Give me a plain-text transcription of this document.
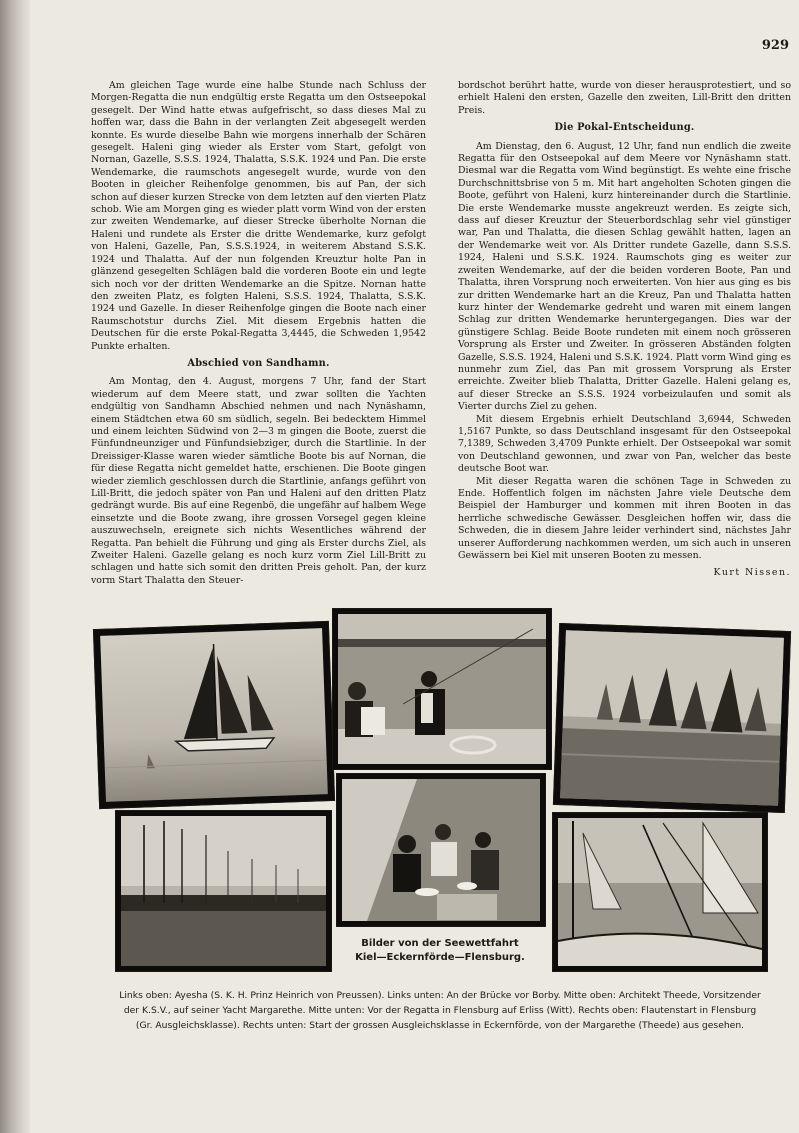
929

Am gleichen Tage wurde eine halbe Stunde nach Schluss der Morgen-Regatta die nun endgültig erste Regatta um den Ostseepokal gesegelt. Der Wind hatte etwas aufgefrischt, so dass dieses Mal zu hoffen war, dass die Bahn in der verlangten Zeit abgesegelt werden konnte. Es wurde dieselbe Bahn wie morgens innerhalb der Schären gesegelt. Haleni ging wieder als Erster vom Start, gefolgt von Nornan, Gazelle, S.S.S. 1924, Thalatta, S.S.K. 1924 und Pan. Die erste Wendemarke, die raumschots angesegelt wurde, wurde von den Booten in gleicher Reihenfolge genommen, bis auf Pan, der sich schon auf dieser kurzen Strecke von dem letzten auf den vierten Platz schob. Wie am Morgen ging es wieder platt vorm Wind von der ersten zur zweiten Wendemarke, auf dieser Strecke überholte Nornan die Haleni und rundete als Erster die dritte Wendemarke, kurz gefolgt von Haleni, Gazelle, Pan, S.S.S.1924, in weiterem Abstand S.S.K. 1924 und Thalatta. Auf der nun folgenden Kreuztur holte Pan in glänzend gesegelten Schlägen bald die vorderen Boote ein und legte sich noch vor der dritten Wendemarke an die Spitze. Nornan hatte den zweiten Platz, es folgten Haleni, S.S.S. 1924, Thalatta, S.S.K. 1924 und Gazelle. In dieser Reihenfolge gingen die Boote nach einer Raumschotstur durchs Ziel. Mit diesem Ergebnis hatten die Deutschen für die erste Pokal-Regatta 3,4445, die Schweden 1,9542 Punkte erhalten.

Abschied von Sandhamn.

Am Montag, den 4. August, morgens 7 Uhr, fand der Start wiederum auf dem Meere statt, und zwar sollten die Yachten endgültig von Sandhamn Abschied nehmen und nach Nynäshamn, einem Städtchen etwa 60 sm südlich, segeln. Bei bedecktem Himmel und einem leichten Südwind von 2—3 m gingen die Boote, zuerst die Fünfundneunziger und Fünfundsiebziger, durch die Startlinie. In der Dreissiger-Klasse waren wieder sämtliche Boote bis auf Nornan, die für diese Regatta nicht gemeldet hatte, erschienen. Die Boote gingen wieder ziemlich geschlossen durch die Startlinie, anfangs geführt von Lill-Britt, die jedoch später von Pan und Haleni auf den dritten Platz gedrängt wurde. Bis auf eine Regenbö, die ungefähr auf halbem Wege einsetzte und die Boote zwang, ihre grossen Vorsegel gegen kleine auszuwechseln, ereignete sich nichts Wesentliches während der Regatta. Pan behielt die Führung und ging als Erster durchs Ziel, als Zweiter Haleni. Gazelle gelang es noch kurz vorm Ziel Lill-Britt zu schlagen und hatte sich somit den dritten Preis geholt. Pan, der kurz vorm Start Thalatta den Steuer-

bordschot berührt hatte, wurde von dieser herausprotestiert, und so erhielt Haleni den ersten, Gazelle den zweiten, Lill-Britt den dritten Preis.

Die Pokal-Entscheidung.

Am Dienstag, den 6. August, 12 Uhr, fand nun endlich die zweite Regatta für den Ostseepokal auf dem Meere vor Nynäshamn statt. Diesmal war die Regatta vom Wind begünstigt. Es wehte eine frische Durchschnittsbrise von 5 m. Mit hart angeholten Schoten gingen die Boote, geführt von Haleni, kurz hintereinander durch die Startlinie. Die erste Wendemarke musste angekreuzt werden. Es zeigte sich, dass auf dieser Kreuztur der Steuerbordschlag sehr viel günstiger war, Pan und Thalatta, die diesen Schlag gewählt hatten, lagen an der Wendemarke weit vor. Als Dritter rundete Gazelle, dann S.S.S. 1924, Haleni und S.S.K. 1924. Raumschots ging es weiter zur zweiten Wendemarke, auf der die beiden vorderen Boote, Pan und Thalatta, ihren Vorsprung noch erweiterten. Von hier aus ging es bis zur dritten Wendemarke hart an die Kreuz, Pan und Thalatta hatten kurz hinter der Wendemarke gedreht und waren mit einem langen Schlag zur dritten Wendemarke heruntergegangen. Dies war der günstigere Schlag. Beide Boote rundeten mit einem noch grösseren Vorsprung als Erster und Zweiter. In grösseren Abständen folgten Gazelle, S.S.S. 1924, Haleni und S.S.K. 1924. Platt vorm Wind ging es nunmehr zum Ziel, das Pan mit grossem Vorsprung als Erster erreichte. Zweiter blieb Thalatta, Dritter Gazelle. Haleni gelang es, auf dieser Strecke an S.S.S. 1924 vorbeizulaufen und somit als Vierter durchs Ziel zu gehen.

Mit diesem Ergebnis erhielt Deutschland 3,6944, Schweden 1,5167 Punkte, so dass Deutschland insgesamt für den Ostseepokal 7,1389, Schweden 3,4709 Punkte erhielt. Der Ostseepokal war somit von Deutschland gewonnen, und zwar von Pan, welcher das beste deutsche Boot war.

Mit dieser Regatta waren die schönen Tage in Schweden zu Ende. Hoffentlich folgen im nächsten Jahre viele Deutsche dem Beispiel der Hamburger und kommen mit ihren Booten in das herrliche schwedische Gewässer. Desgleichen hoffen wir, dass die Schweden, die in diesem Jahre leider verhindert sind, nächstes Jahr unserer Aufforderung nachkommen werden, um sich auch in unseren Gewässern bei Kiel mit unseren Booten zu messen.

Kurt Nissen.

Bilder von der Seewettfahrt
Kiel—Eckernförde—Flensburg.
Links oben: Ayesha (S. K. H. Prinz Heinrich von Preussen). Links unten: An der Brücke vor Borby. Mitte oben: Architekt Theede, Vorsitzender der K.S.V., auf seiner Yacht Margarethe. Mitte unten: Vor der Regatta in Flensburg auf Erliss (Witt). Rechts oben: Flautenstart in Flensburg (Gr. Ausgleichsklasse). Rechts unten: Start der grossen Ausgleichsklasse in Eckernförde, von der Margarethe (Theede) aus gesehen.
